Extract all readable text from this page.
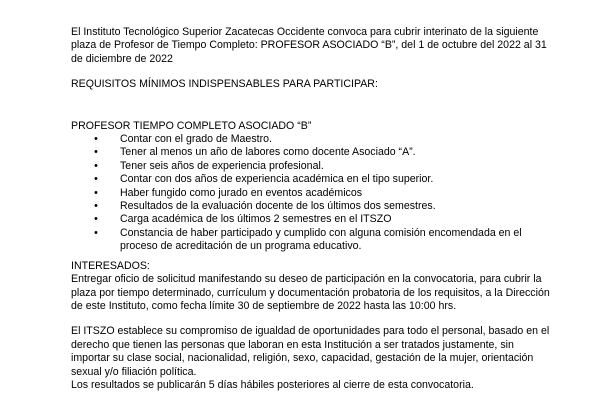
El Instituto Tecnológico Superior Zacatecas Occidente convoca para cubrir interinato de la siguiente plaza de Profesor de Tiempo Completo: PROFESOR ASOCIADO “B”, del 1 de octubre del 2022 al 31 de diciembre de 2022

REQUISITOS MÍNIMOS INDISPENSABLES PARA PARTICIPAR:

PROFESOR TIEMPO COMPLETO ASOCIADO “B”

•	Contar con el grado de Maestro.
•	Tener al menos un año de labores como docente Asociado “A”.
•	Tener seis años de experiencia profesional.
•	Contar con dos años de experiencia académica en el tipo superior.
•	Haber fungido como jurado en eventos académicos
•	Resultados de la evaluación docente de los últimos dos semestres.
•	Carga académica de los últimos 2 semestres en el ITSZO
•	Constancia de haber participado y cumplido con alguna comisión encomendada en el proceso de acreditación de un programa educativo.

INTERESADOS:

Entregar oficio de solicitud manifestando su deseo de participación en la convocatoria, para cubrir la plaza por tiempo determinado, currículum y documentación probatoria de los requisitos, a la Dirección de este Instituto, como fecha límite 30 de septiembre de 2022 hasta las 10:00 hrs.

El ITSZO establece su compromiso de igualdad de oportunidades para todo el personal, basado en el derecho que tienen las personas que laboran en esta Institución a ser tratados justamente, sin importar su clase social, nacionalidad, religión, sexo, capacidad, gestación de la mujer, orientación sexual y/o filiación política.

Los resultados se publicarán 5 días hábiles posteriores al cierre de esta convocatoria.
